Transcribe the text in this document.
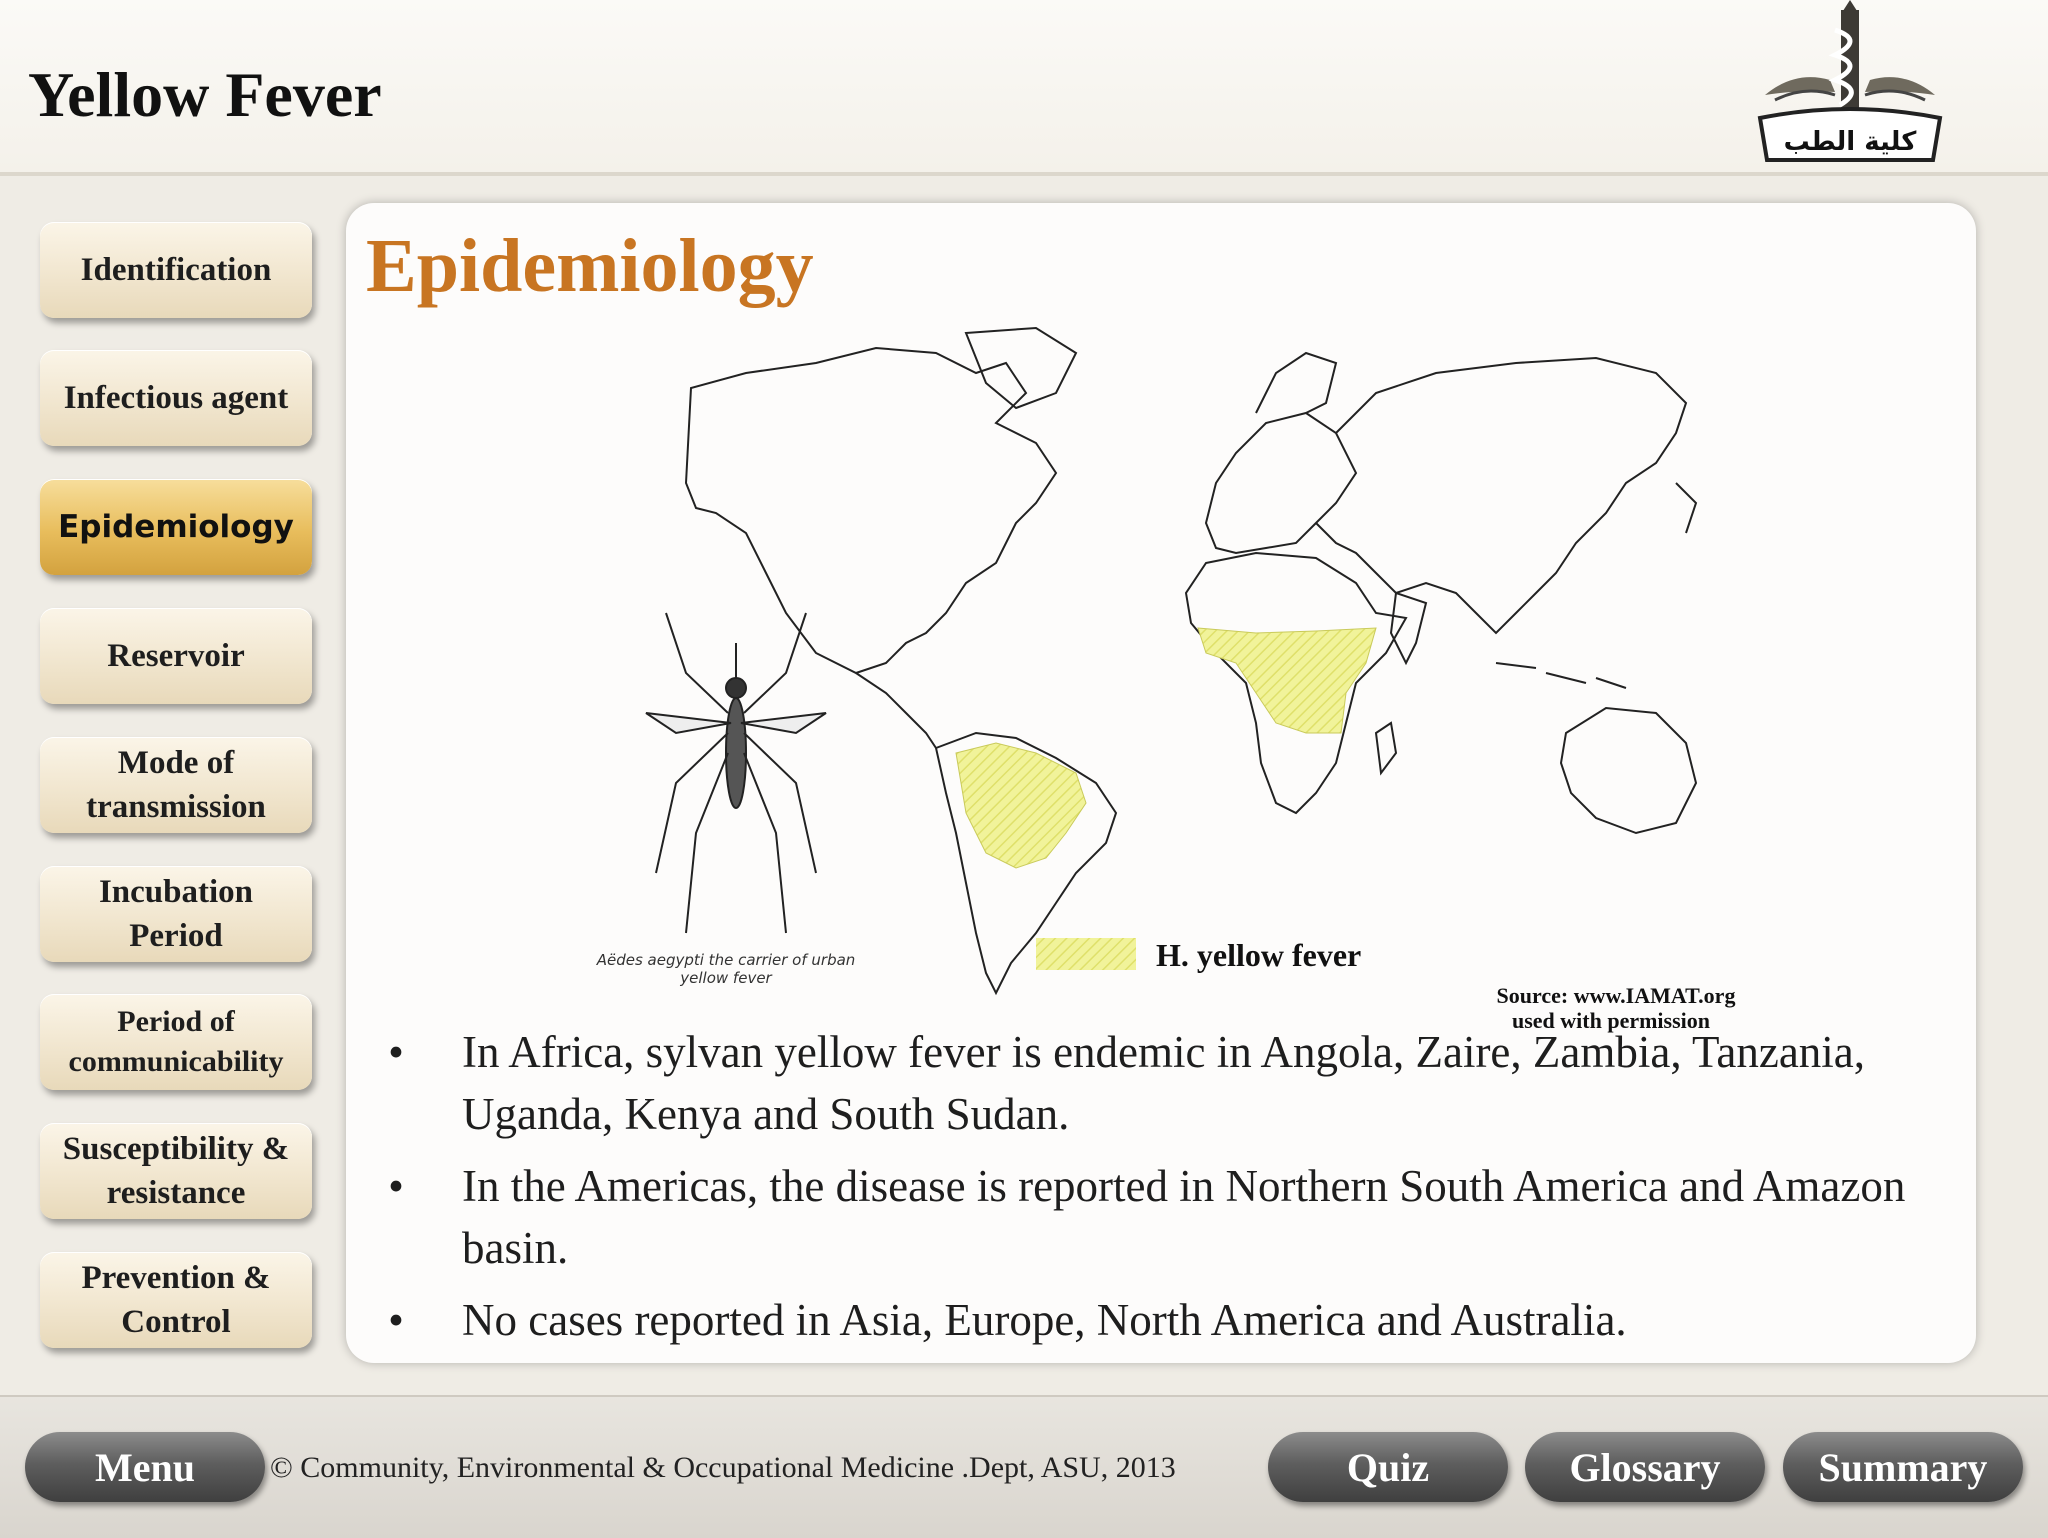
Yellow Fever
كلية الطب
Identification
Infectious agent
Epidemiology
Reservoir
Mode of transmission
Incubation Period
Period of communicability
Susceptibility & resistance
Prevention & Control
Epidemiology
Aëdes aegypti the carrier of urban
yellow fever
H. yellow fever
Source: www.IAMAT.org
used with permission
•	In Africa, sylvan yellow fever is endemic in Angola, Zaire, Zambia, Tanzania, Uganda, Kenya and South Sudan.
•	In the Americas, the disease is reported in Northern South America and Amazon basin.
•	No cases reported in Asia, Europe, North America and Australia.
Menu	© Community, Environmental & Occupational Medicine .Dept, ASU, 2013	Quiz	Glossary Summary
